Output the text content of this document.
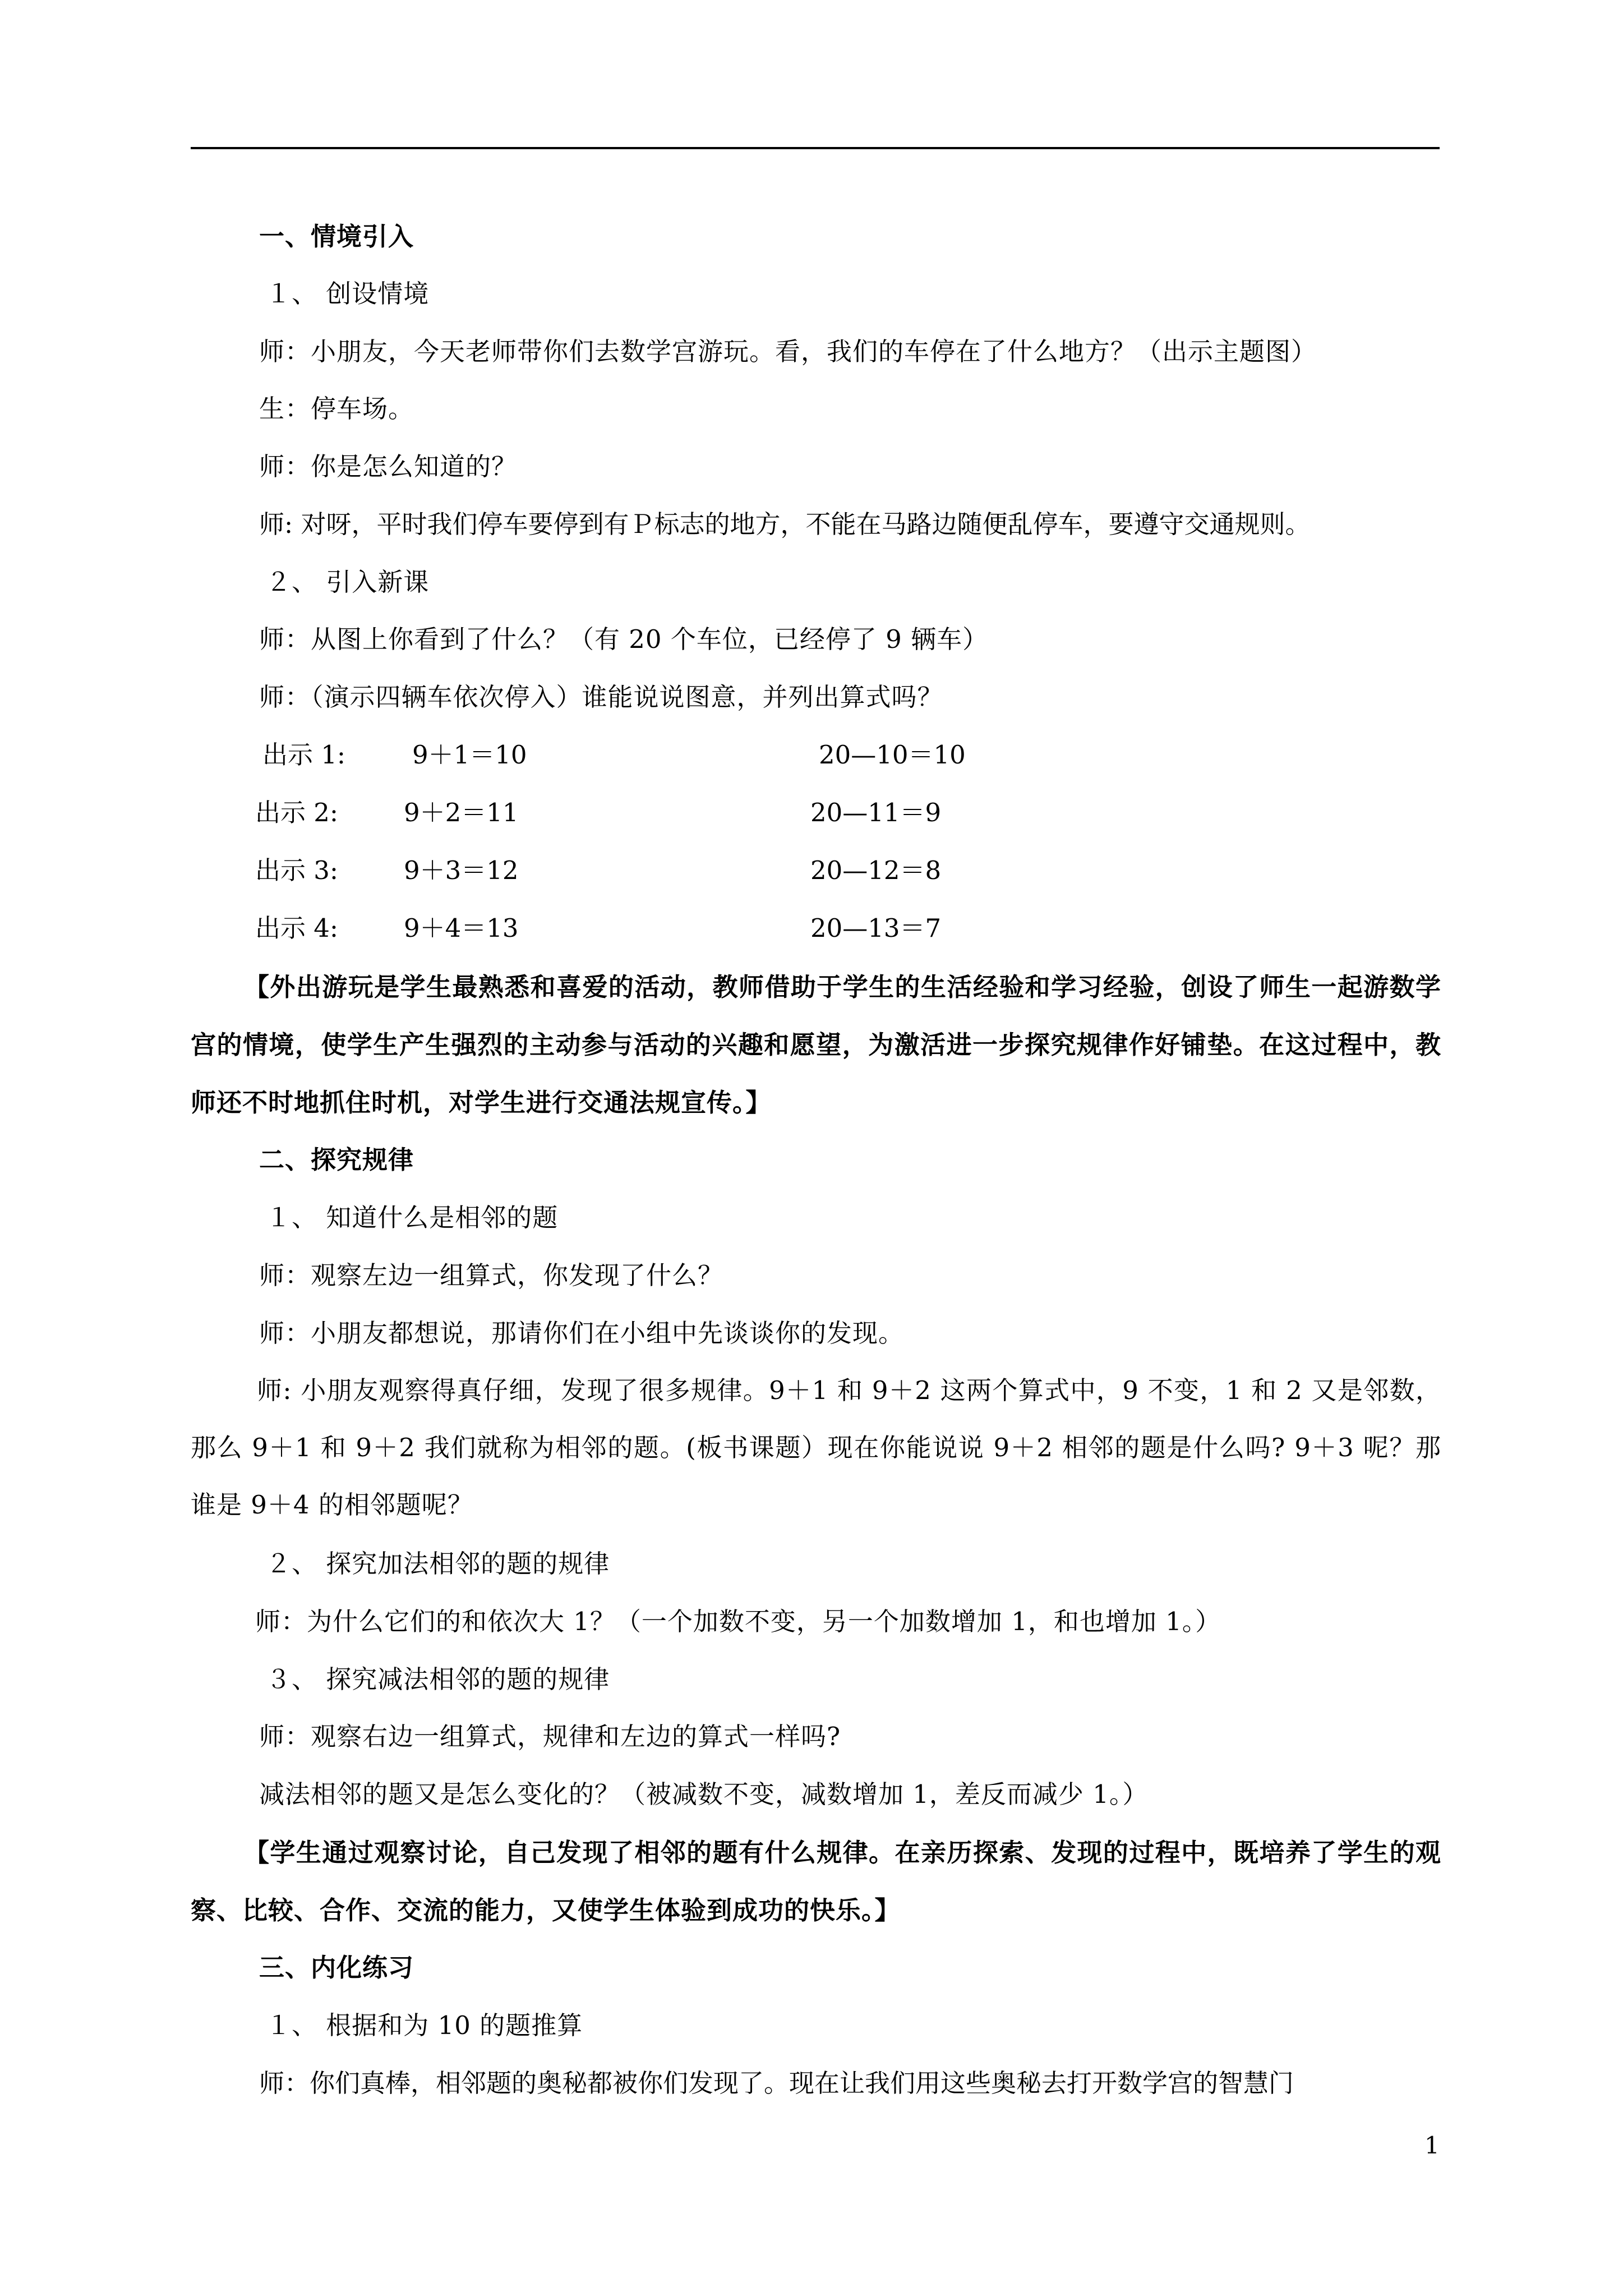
一、情境引入
１、 创设情境
师：小朋友，今天老师带你们去数学宫游玩。看，我们的车停在了什么地方？（出示主题图）
生：停车场。
师：你是怎么知道的？
师: 对呀，平时我们停车要停到有Ｐ标志的地方，不能在马路边随便乱停车，要遵守交通规则。
２、 引入新课
师：从图上你看到了什么？（有 20 个车位，已经停了 9 辆车）
师：（演示四辆车依次停入）谁能说说图意，并列出算式吗？
出示 1:	9＋1＝10	20—10＝10
出示 2:	9＋2＝11	20—11＝9
出示 3:	9＋3＝12	20—12＝8
出示 4:	9＋4＝13	20—13＝7
【外出游玩是学生最熟悉和喜爱的活动，教师借助于学生的生活经验和学习经验，创设了师生一起游数学宫的情境，使学生产生强烈的主动参与活动的兴趣和愿望，为激活进一步探究规律作好铺垫。在这过程中，教师还不时地抓住时机，对学生进行交通法规宣传。】
二、探究规律
１、 知道什么是相邻的题
师：观察左边一组算式，你发现了什么？
师：小朋友都想说，那请你们在小组中先谈谈你的发现。
师: 小朋友观察得真仔细，发现了很多规律。9＋1 和 9＋2 这两个算式中，9 不变，1 和 2 又是邻数，那么 9＋1 和 9＋2 我们就称为相邻的题。(板书课题）现在你能说说 9＋2 相邻的题是什么吗? 9＋3 呢？那谁是 9＋4 的相邻题呢？
２、 探究加法相邻的题的规律
师：为什么它们的和依次大 1？（一个加数不变，另一个加数增加 1，和也增加 1。）
３、 探究减法相邻的题的规律
师：观察右边一组算式，规律和左边的算式一样吗?
减法相邻的题又是怎么变化的？（被减数不变，减数增加 1，差反而减少 1。）
【学生通过观察讨论，自己发现了相邻的题有什么规律。在亲历探索、发现的过程中，既培养了学生的观察、比较、合作、交流的能力，又使学生体验到成功的快乐。】
三、内化练习
１、 根据和为 10 的题推算
师：你们真棒，相邻题的奥秘都被你们发现了。现在让我们用这些奥秘去打开数学宫的智慧门
1
